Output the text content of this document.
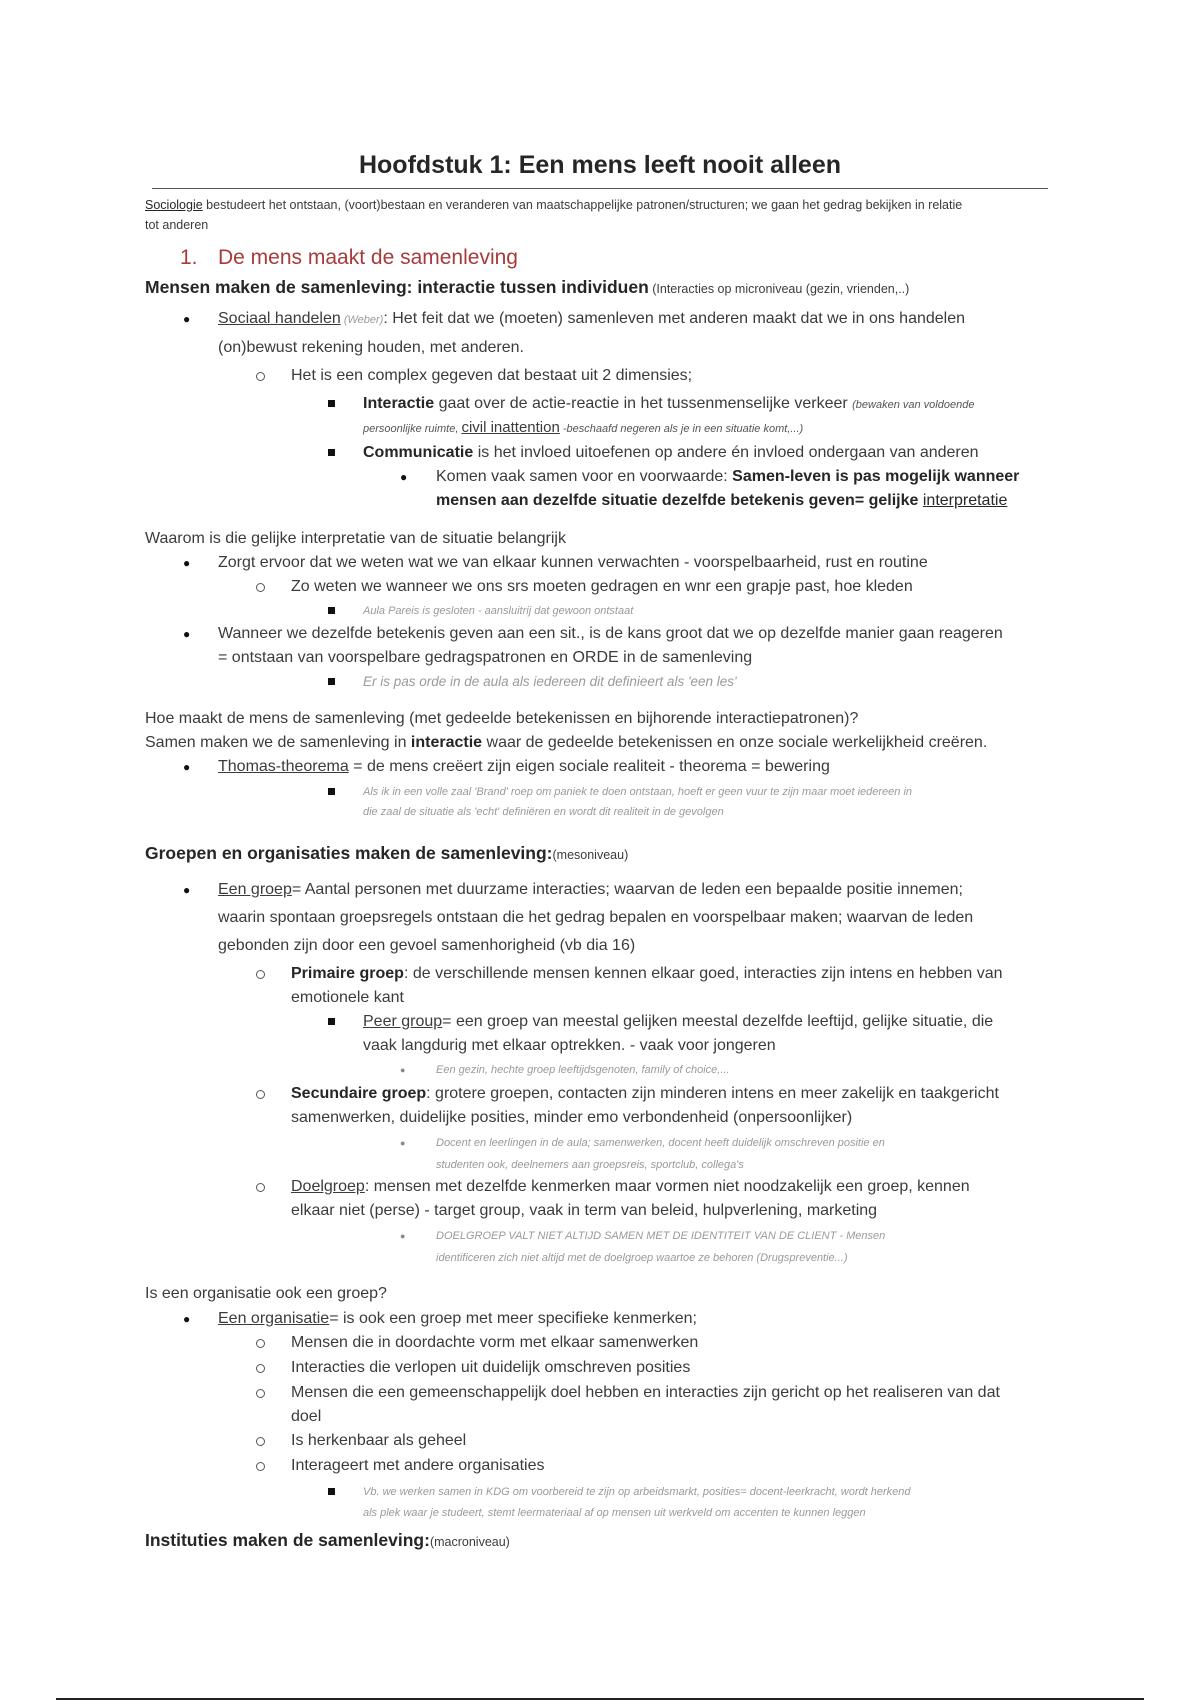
Hoofdstuk 1: Een mens leeft nooit alleen
Sociologie bestudeert het ontstaan, (voort)bestaan en veranderen van maatschappelijke patronen/structuren; we gaan het gedrag bekijken in relatie
tot anderen
1. De mens maakt de samenleving
Mensen maken de samenleving: interactie tussen individuen (Interacties op microniveau (gezin, vrienden,..)
● Sociaal handelen (Weber): Het feit dat we (moeten) samenleven met anderen maakt dat we in ons handelen
(on)bewust rekening houden, met anderen.
Het is een complex gegeven dat bestaat uit 2 dimensies;
Interactie gaat over de actie-reactie in het tussenmenselijke verkeer (bewaken van voldoende
persoonlijke ruimte, civil inattention -beschaafd negeren als je in een situatie komt,...)
Communicatie is het invloed uitoefenen op andere én invloed ondergaan van anderen
● Komen vaak samen voor en voorwaarde: Samen-leven is pas mogelijk wanneer
mensen aan dezelfde situatie dezelfde betekenis geven= gelijke interpretatie
Waarom is die gelijke interpretatie van de situatie belangrijk
● Zorgt ervoor dat we weten wat we van elkaar kunnen verwachten - voorspelbaarheid, rust en routine
Zo weten we wanneer we ons srs moeten gedragen en wnr een grapje past, hoe kleden
Aula Pareis is gesloten - aansluitrij dat gewoon ontstaat
● Wanneer we dezelfde betekenis geven aan een sit., is de kans groot dat we op dezelfde manier gaan reageren
= ontstaan van voorspelbare gedragspatronen en ORDE in de samenleving
Er is pas orde in de aula als iedereen dit definieert als 'een les'
Hoe maakt de mens de samenleving (met gedeelde betekenissen en bijhorende interactiepatronen)?
Samen maken we de samenleving in interactie waar de gedeelde betekenissen en onze sociale werkelijkheid creëren.
● Thomas-theorema = de mens creëert zijn eigen sociale realiteit - theorema = bewering
Als ik in een volle zaal 'Brand' roep om paniek te doen ontstaan, hoeft er geen vuur te zijn maar moet iedereen in
die zaal de situatie als 'echt' definiëren en wordt dit realiteit in de gevolgen
Groepen en organisaties maken de samenleving:(mesoniveau)
● Een groep= Aantal personen met duurzame interacties; waarvan de leden een bepaalde positie innemen;
waarin spontaan groepsregels ontstaan die het gedrag bepalen en voorspelbaar maken; waarvan de leden
gebonden zijn door een gevoel samenhorigheid (vb dia 16)
Primaire groep: de verschillende mensen kennen elkaar goed, interacties zijn intens en hebben van
emotionele kant
Peer group= een groep van meestal gelijken meestal dezelfde leeftijd, gelijke situatie, die
vaak langdurig met elkaar optrekken. - vaak voor jongeren
●	Een gezin, hechte groep leeftijdsgenoten, family of choice,...
Secundaire groep: grotere groepen, contacten zijn minderen intens en meer zakelijk en taakgericht
samenwerken, duidelijke posities, minder emo verbondenheid (onpersoonlijker)
●	Docent en leerlingen in de aula; samenwerken, docent heeft duidelijk omschreven positie en
studenten ook, deelnemers aan groepsreis, sportclub, collega's
Doelgroep: mensen met dezelfde kenmerken maar vormen niet noodzakelijk een groep, kennen
elkaar niet (perse) - target group, vaak in term van beleid, hulpverlening, marketing
●	DOELGROEP VALT NIET ALTIJD SAMEN MET DE IDENTITEIT VAN DE CLIENT - Mensen
identificeren zich niet altijd met de doelgroep waartoe ze behoren (Drugspreventie...)
Is een organisatie ook een groep?
● Een organisatie= is ook een groep met meer specifieke kenmerken;
Mensen die in doordachte vorm met elkaar samenwerken
Interacties die verlopen uit duidelijk omschreven posities
Mensen die een gemeenschappelijk doel hebben en interacties zijn gericht op het realiseren van dat
doel
Is herkenbaar als geheel
Interageert met andere organisaties
Vb. we werken samen in KDG om voorbereid te zijn op arbeidsmarkt, posities= docent-leerkracht, wordt herkend
als plek waar je studeert, stemt leermateriaal af op mensen uit werkveld om accenten te kunnen leggen
Instituties maken de samenleving:(macroniveau)
